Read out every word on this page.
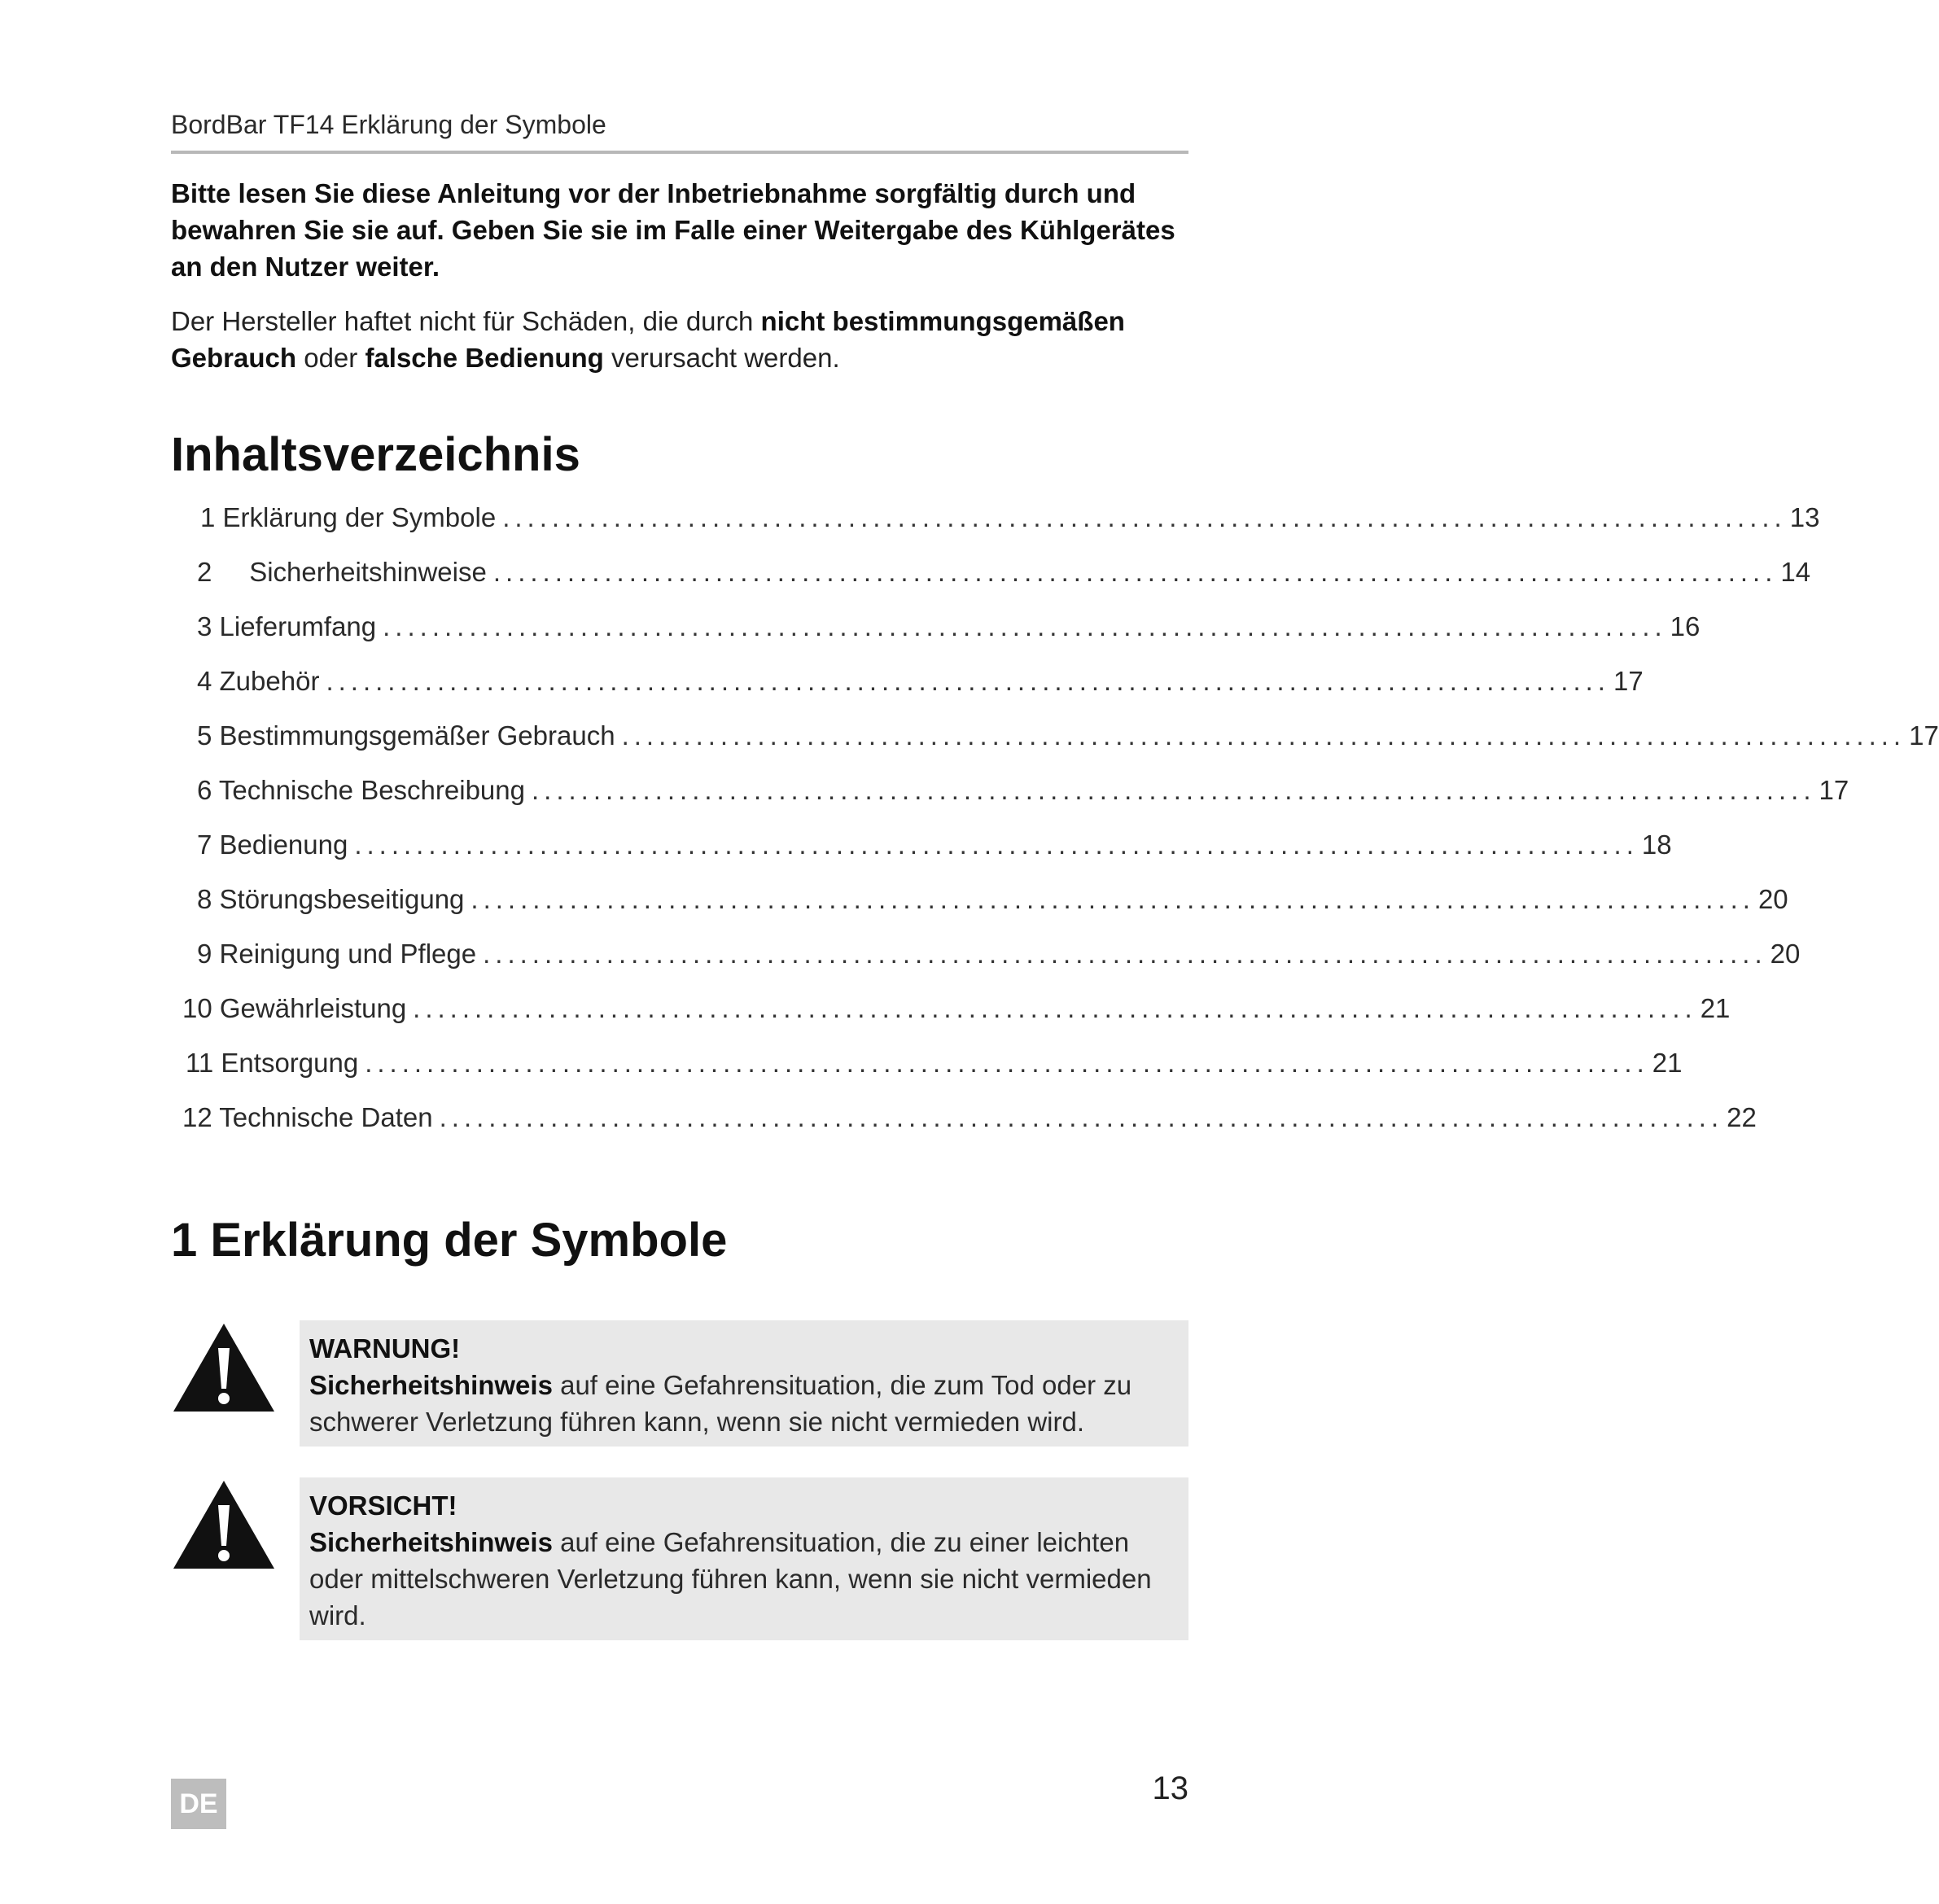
BordBar TF14 Erklärung der Symbole
Bitte lesen Sie diese Anleitung vor der Inbetriebnahme sorgfältig durch und bewahren Sie sie auf. Geben Sie sie im Falle einer Weitergabe des Kühlgerätes an den Nutzer weiter.
Der Hersteller haftet nicht für Schäden, die durch nicht bestimmungsgemäßen Gebrauch oder falsche Bedienung verursacht werden.
Inhaltsverzeichnis
1 Erklärung der Symbole ........................................................................................................ 13
2     Sicherheitshinweise ........................................................................................................ 14
3 Lieferumfang ........................................................................................................ 16
4 Zubehör ........................................................................................................ 17
5 Bestimmungsgemäßer Gebrauch ........................................................................................................ 17
6 Technische Beschreibung ........................................................................................................ 17
7 Bedienung ........................................................................................................ 18
8 Störungsbeseitigung ........................................................................................................ 20
9 Reinigung und Pflege ........................................................................................................ 20
10 Gewährleistung ........................................................................................................ 21
11 Entsorgung ........................................................................................................ 21
12 Technische Daten ........................................................................................................ 22
1 Erklärung der Symbole
WARNUNG!
Sicherheitshinweis auf eine Gefahrensituation, die zum Tod oder zu schwerer Verletzung führen kann, wenn sie nicht vermieden wird.
VORSICHT!
Sicherheitshinweis auf eine Gefahrensituation, die zu einer leichten oder mittelschweren Verletzung führen kann, wenn sie nicht vermieden wird.
DE	13
